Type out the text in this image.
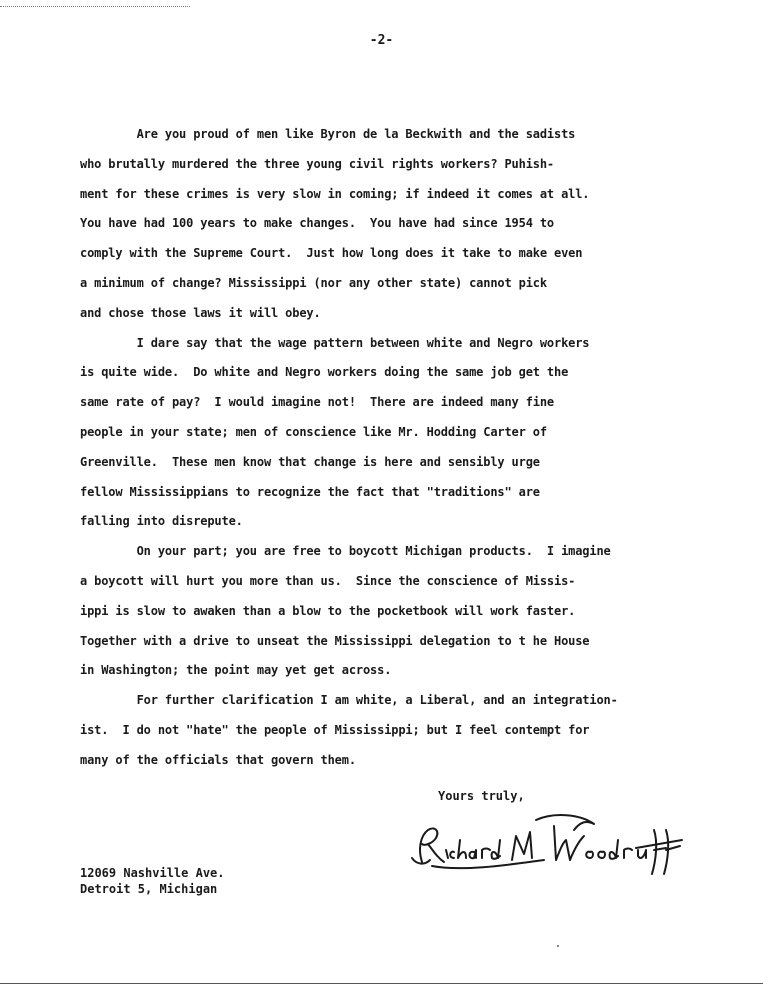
-2-

Are you proud of men like Byron de la Beckwith and the sadists

who brutally murdered the three young civil rights workers? Puhish-

ment for these crimes is very slow in coming; if indeed it comes at all.

You have had 100 years to make changes.  You have had since 1954 to

comply with the Supreme Court.  Just how long does it take to make even

a minimum of change? Mississippi (nor any other state) cannot pick

and chose those laws it will obey.

I dare say that the wage pattern between white and Negro workers

is quite wide.  Do white and Negro workers doing the same job get the

same rate of pay?  I would imagine not!  There are indeed many fine

people in your state; men of conscience like Mr. Hodding Carter of

Greenville.  These men know that change is here and sensibly urge

fellow Mississippians to recognize the fact that "traditions" are

falling into disrepute.

On your part; you are free to boycott Michigan products.  I imagine

a boycott will hurt you more than us.  Since the conscience of Missis-

ippi is slow to awaken than a blow to the pocketbook will work faster.

Together with a drive to unseat the Mississippi delegation to t he House

in Washington; the point may yet get across.

For further clarification I am white, a Liberal, and an integration-

ist.  I do not "hate" the people of Mississippi; but I feel contempt for

many of the officials that govern them.

Yours truly,
12069 Nashville Ave.
Detroit 5, Michigan
